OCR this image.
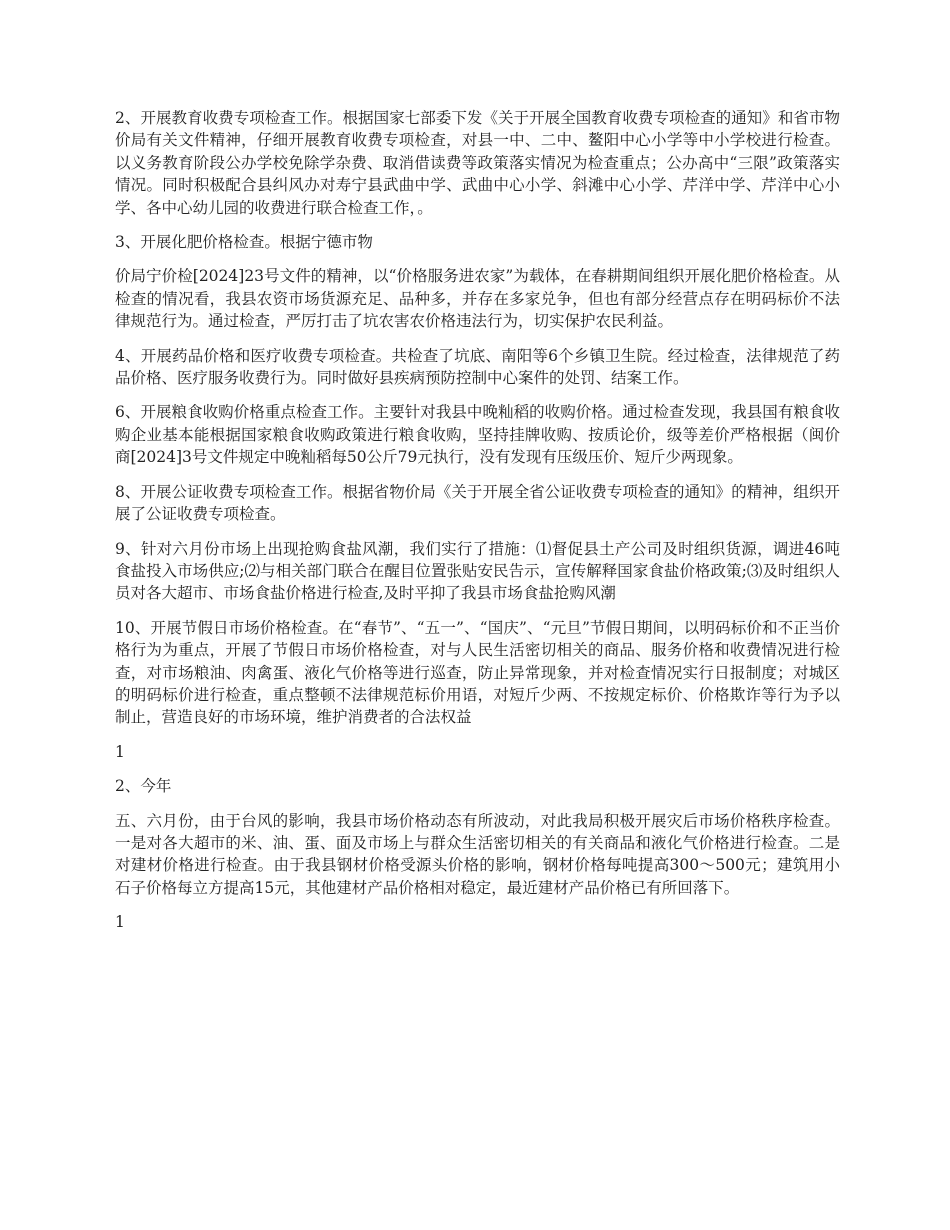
2、开展教育收费专项检查工作。根据国家七部委下发《关于开展全国教育收费专项检查的通知》和省市物价局有关文件精神，仔细开展教育收费专项检查，对县一中、二中、鳌阳中心小学等中小学校进行检查。以义务教育阶段公办学校免除学杂费、取消借读费等政策落实情况为检查重点；公办高中“三限”政策落实情况。同时积极配合县纠风办对寿宁县武曲中学、武曲中心小学、斜滩中心小学、芹洋中学、芹洋中心小学、各中心幼儿园的收费进行联合检查工作，。

3、开展化肥价格检查。根据宁德市物

价局宁价检[2024]23号文件的精神，以“价格服务进农家”为载体，在春耕期间组织开展化肥价格检查。从检查的情况看，我县农资市场货源充足、品种多，并存在多家兑争，但也有部分经营点存在明码标价不法律规范行为。通过检查，严厉打击了坑农害农价格违法行为，切实保护农民利益。

4、开展药品价格和医疗收费专项检查。共检查了坑底、南阳等6个乡镇卫生院。经过检查，法律规范了药品价格、医疗服务收费行为。同时做好县疾病预防控制中心案件的处罚、结案工作。

6、开展粮食收购价格重点检查工作。主要针对我县中晚籼稻的收购价格。通过检查发现，我县国有粮食收购企业基本能根据国家粮食收购政策进行粮食收购，坚持挂牌收购、按质论价，级等差价严格根据（闽价商[2024]3号文件规定中晚籼稻每50公斤79元执行，没有发现有压级压价、短斤少两现象。

8、开展公证收费专项检查工作。根据省物价局《关于开展全省公证收费专项检查的通知》的精神，组织开展了公证收费专项检查。

9、针对六月份市场上出现抢购食盐风潮，我们实行了措施：⑴督促县土产公司及时组织货源，调进46吨食盐投入市场供应;⑵与相关部门联合在醒目位置张贴安民告示，宣传解释国家食盐价格政策;⑶及时组织人员对各大超市、市场食盐价格进行检查,及时平抑了我县市场食盐抢购风潮

10、开展节假日市场价格检查。在“春节”、“五一”、“国庆”、“元旦”节假日期间，以明码标价和不正当价格行为为重点，开展了节假日市场价格检查，对与人民生活密切相关的商品、服务价格和收费情况进行检查，对市场粮油、肉禽蛋、液化气价格等进行巡查，防止异常现象，并对检查情况实行日报制度；对城区的明码标价进行检查，重点整顿不法律规范标价用语，对短斤少两、不按规定标价、价格欺诈等行为予以制止，营造良好的市场环境，维护消费者的合法权益

1

2、今年

五、六月份，由于台风的影响，我县市场价格动态有所波动，对此我局积极开展灾后市场价格秩序检查。一是对各大超市的米、油、蛋、面及市场上与群众生活密切相关的有关商品和液化气价格进行检查。二是对建材价格进行检查。由于我县钢材价格受源头价格的影响，钢材价格每吨提高300～500元；建筑用小石子价格每立方提高15元，其他建材产品价格相对稳定，最近建材产品价格已有所回落下。

1
